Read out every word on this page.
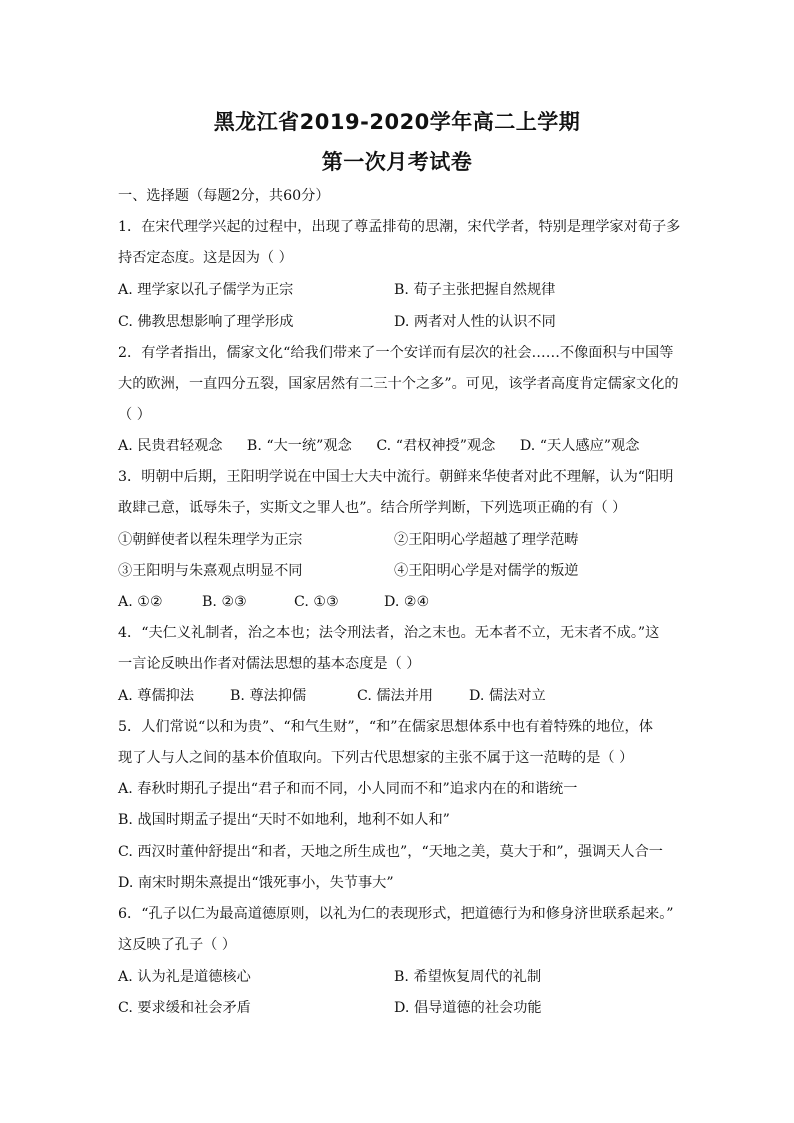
黑龙江省2019-2020学年高二上学期
第一次月考试卷
一、选择题（每题2分，共60分）
1．在宋代理学兴起的过程中，出现了尊孟排荀的思潮，宋代学者，特别是理学家对荀子多
持否定态度。这是因为（ ）
A. 理学家以孔子儒学为正宗	B. 荀子主张把握自然规律
C. 佛教思想影响了理学形成	D. 两者对人性的认识不同
2．有学者指出，儒家文化“给我们带来了一个安详而有层次的社会……不像面积与中国等
大的欧洲，一直四分五裂，国家居然有二三十个之多”。可见，该学者高度肯定儒家文化的
（ ）
A. 民贵君轻观念 B. “大一统”观念 C. “君权神授”观念 D. “天人感应”观念
3．明朝中后期，王阳明学说在中国士大夫中流行。朝鲜来华使者对此不理解，认为“阳明
敢肆己意，诋辱朱子，实斯文之罪人也”。结合所学判断，下列选项正确的有（ ）
①朝鲜使者以程朱理学为正宗	②王阳明心学超越了理学范畴
③王阳明与朱熹观点明显不同	④王阳明心学是对儒学的叛逆
A. ①②	B. ②③	C. ①③	D. ②④
4．“夫仁义礼制者，治之本也；法令刑法者，治之末也。无本者不立，无末者不成。”这
一言论反映出作者对儒法思想的基本态度是（ ）
A. 尊儒抑法	B. 尊法抑儒	C. 儒法并用	D. 儒法对立
5．人们常说“以和为贵”、“和气生财”，“和”在儒家思想体系中也有着特殊的地位，体
现了人与人之间的基本价值取向。下列古代思想家的主张不属于这一范畴的是（ ）
A. 春秋时期孔子提出“君子和而不同，小人同而不和”追求内在的和谐统一
B. 战国时期孟子提出“天时不如地利，地利不如人和”
C. 西汉时董仲舒提出“和者，天地之所生成也”，“天地之美，莫大于和”，强调天人合一
D. 南宋时期朱熹提出“饿死事小，失节事大”
6．“孔子以仁为最高道德原则，以礼为仁的表现形式，把道德行为和修身济世联系起来。”
这反映了孔子（ ）
A. 认为礼是道德核心	B. 希望恢复周代的礼制
C. 要求缓和社会矛盾	D. 倡导道德的社会功能
